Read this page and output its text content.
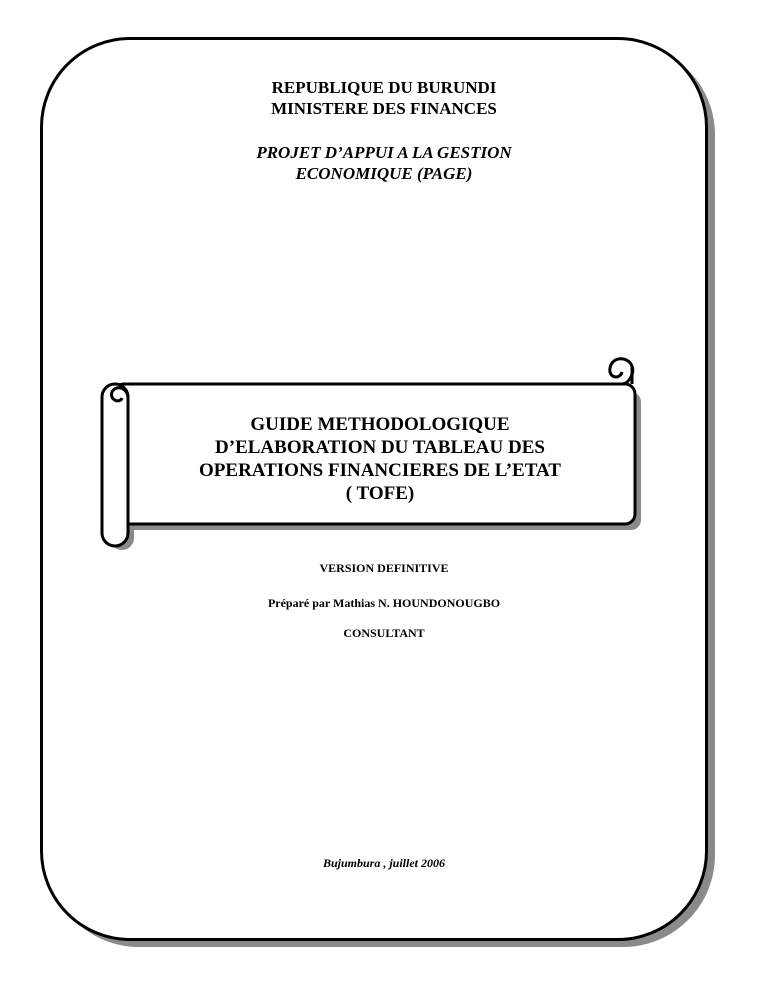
REPUBLIQUE DU BURUNDI
MINISTERE DES FINANCES
PROJET D’APPUI A LA GESTION
ECONOMIQUE (PAGE)
GUIDE METHODOLOGIQUE
D’ELABORATION DU TABLEAU DES
OPERATIONS FINANCIERES DE L’ETAT
( TOFE)
VERSION DEFINITIVE
Préparé par Mathias N. HOUNDONOUGBO
CONSULTANT
Bujumbura , juillet 2006
